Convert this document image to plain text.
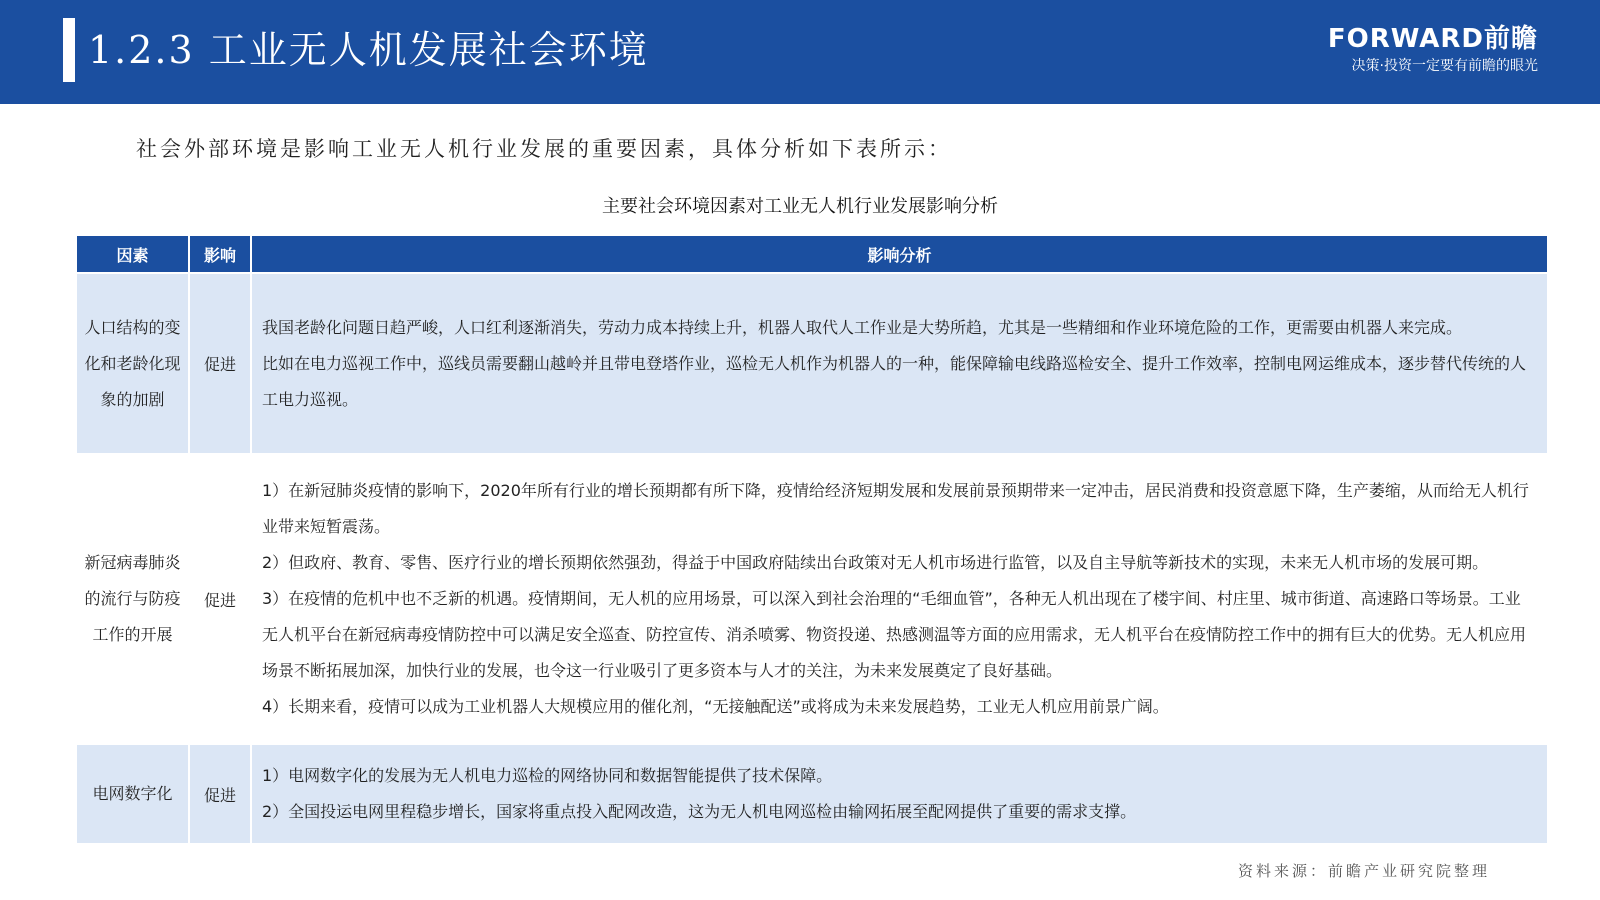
1.2.3 工业无人机发展社会环境	FORWARD前瞻
决策·投资一定要有前瞻的眼光
社会外部环境是影响工业无人机行业发展的重要因素，具体分析如下表所示：
主要社会环境因素对工业无人机行业发展影响分析
因素	影响	影响分析
人口结构的变化和老龄化现象的加剧	促进	我国老龄化问题日趋严峻，人口红利逐渐消失，劳动力成本持续上升，机器人取代人工作业是大势所趋，尤其是一些精细和作业环境危险的工作，更需要由机器人来完成。
比如在电力巡视工作中，巡线员需要翻山越岭并且带电登塔作业，巡检无人机作为机器人的一种，能保障输电线路巡检安全、提升工作效率，控制电网运维成本，逐步替代传统的人工电力巡视。

新冠病毒肺炎的流行与防疫工作的开展	促进	1）在新冠肺炎疫情的影响下，2020年所有行业的增长预期都有所下降，疫情给经济短期发展和发展前景预期带来一定冲击，居民消费和投资意愿下降，生产萎缩，从而给无人机行业带来短暂震荡。
2）但政府、教育、零售、医疗行业的增长预期依然强劲，得益于中国政府陆续出台政策对无人机市场进行监管，以及自主导航等新技术的实现，未来无人机市场的发展可期。
3）在疫情的危机中也不乏新的机遇。疫情期间，无人机的应用场景，可以深入到社会治理的“毛细血管”，各种无人机出现在了楼宇间、村庄里、城市街道、高速路口等场景。工业无人机平台在新冠病毒疫情防控中可以满足安全巡查、防控宣传、消杀喷雾、物资投递、热感测温等方面的应用需求，无人机平台在疫情防控工作中的拥有巨大的优势。无人机应用场景不断拓展加深，加快行业的发展，也令这一行业吸引了更多资本与人才的关注，为未来发展奠定了良好基础。
4）长期来看，疫情可以成为工业机器人大规模应用的催化剂，“无接触配送”或将成为未来发展趋势，工业无人机应用前景广阔。

电网数字化	促进	1）电网数字化的发展为无人机电力巡检的网络协同和数据智能提供了技术保障。
2）全国投运电网里程稳步增长，国家将重点投入配网改造，这为无人机电网巡检由输网拓展至配网提供了重要的需求支撑。
资料来源：前瞻产业研究院整理
